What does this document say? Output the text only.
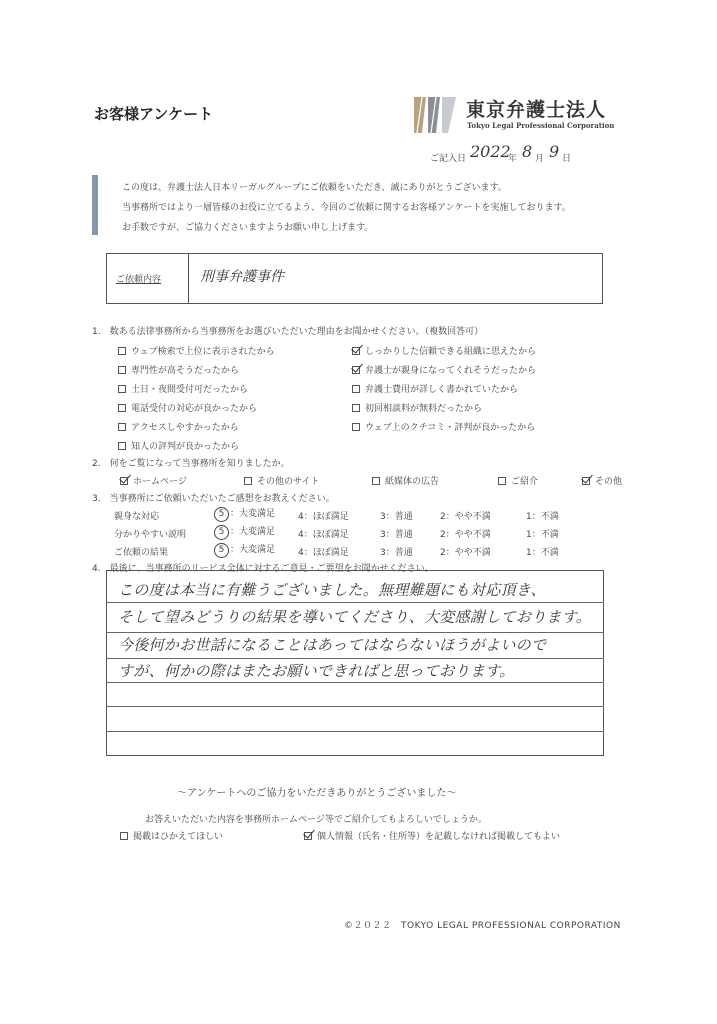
お客様アンケート	東京弁護士法人
Tokyo Legal Professional Corporation
ご記入日 2022
年 8 月 9 日
この度は、弁護士法人日本リーガルグループにご依頼をいただき、誠にありがとうございます。
当事務所ではより一層皆様のお役に立てるよう、今回のご依頼に関するお客様アンケートを実施しております。
お手数ですが、ご協力くださいますようお願い申し上げます。
ご依頼内容	刑事弁護事件
1.　数ある法律事務所から当事務所をお選びいただいた理由をお聞かせください。（複数回答可）
ウェブ検索で上位に表示されたから	しっかりした信頼できる組織に思えたから
専門性が高そうだったから	弁護士が親身になってくれそうだったから
土日・夜間受付可だったから	弁護士費用が詳しく書かれていたから
電話受付の対応が良かったから	初回相談料が無料だったから
アクセスしやすかったから	ウェブ上のクチコミ・評判が良かったから
知人の評判が良かったから
2.　何をご覧になって当事務所を知りましたか。
ホームページ	その他のサイト	紙媒体の広告	ご紹介	その他
3.　当事務所にご依頼いただいたご感想をお教えください。
親身な対応	5 ：大変満足	4：ほぼ満足	3：普通	2：やや不満	1：不満
分かりやすい説明	5 ：大変満足	4：ほぼ満足	3：普通	2：やや不満	1：不満
ご依頼の結果	5 ：大変満足	4：ほぼ満足	3：普通	2：やや不満	1：不満
4.　最後に、当事務所のリービス全体に対するご意見・ご要望をお聞かせください。
この度は本当に有難うございました。無理難題にも対応頂き、
そして望みどうりの結果を導いてくださり、大変感謝しております。
今後何かお世話になることはあってはならないほうがよいので
すが、何かの際はまたお願いできればと思っております。
～アンケートへのご協力をいただきありがとうございました～
お答えいただいた内容を事務所ホームページ等でご紹介してもよろしいでしょうか。
掲載はひかえてほしい	個人情報（氏名・住所等）を記載しなければ掲載してもよい
©２０２２　TOKYO LEGAL PROFESSIONAL CORPORATION
